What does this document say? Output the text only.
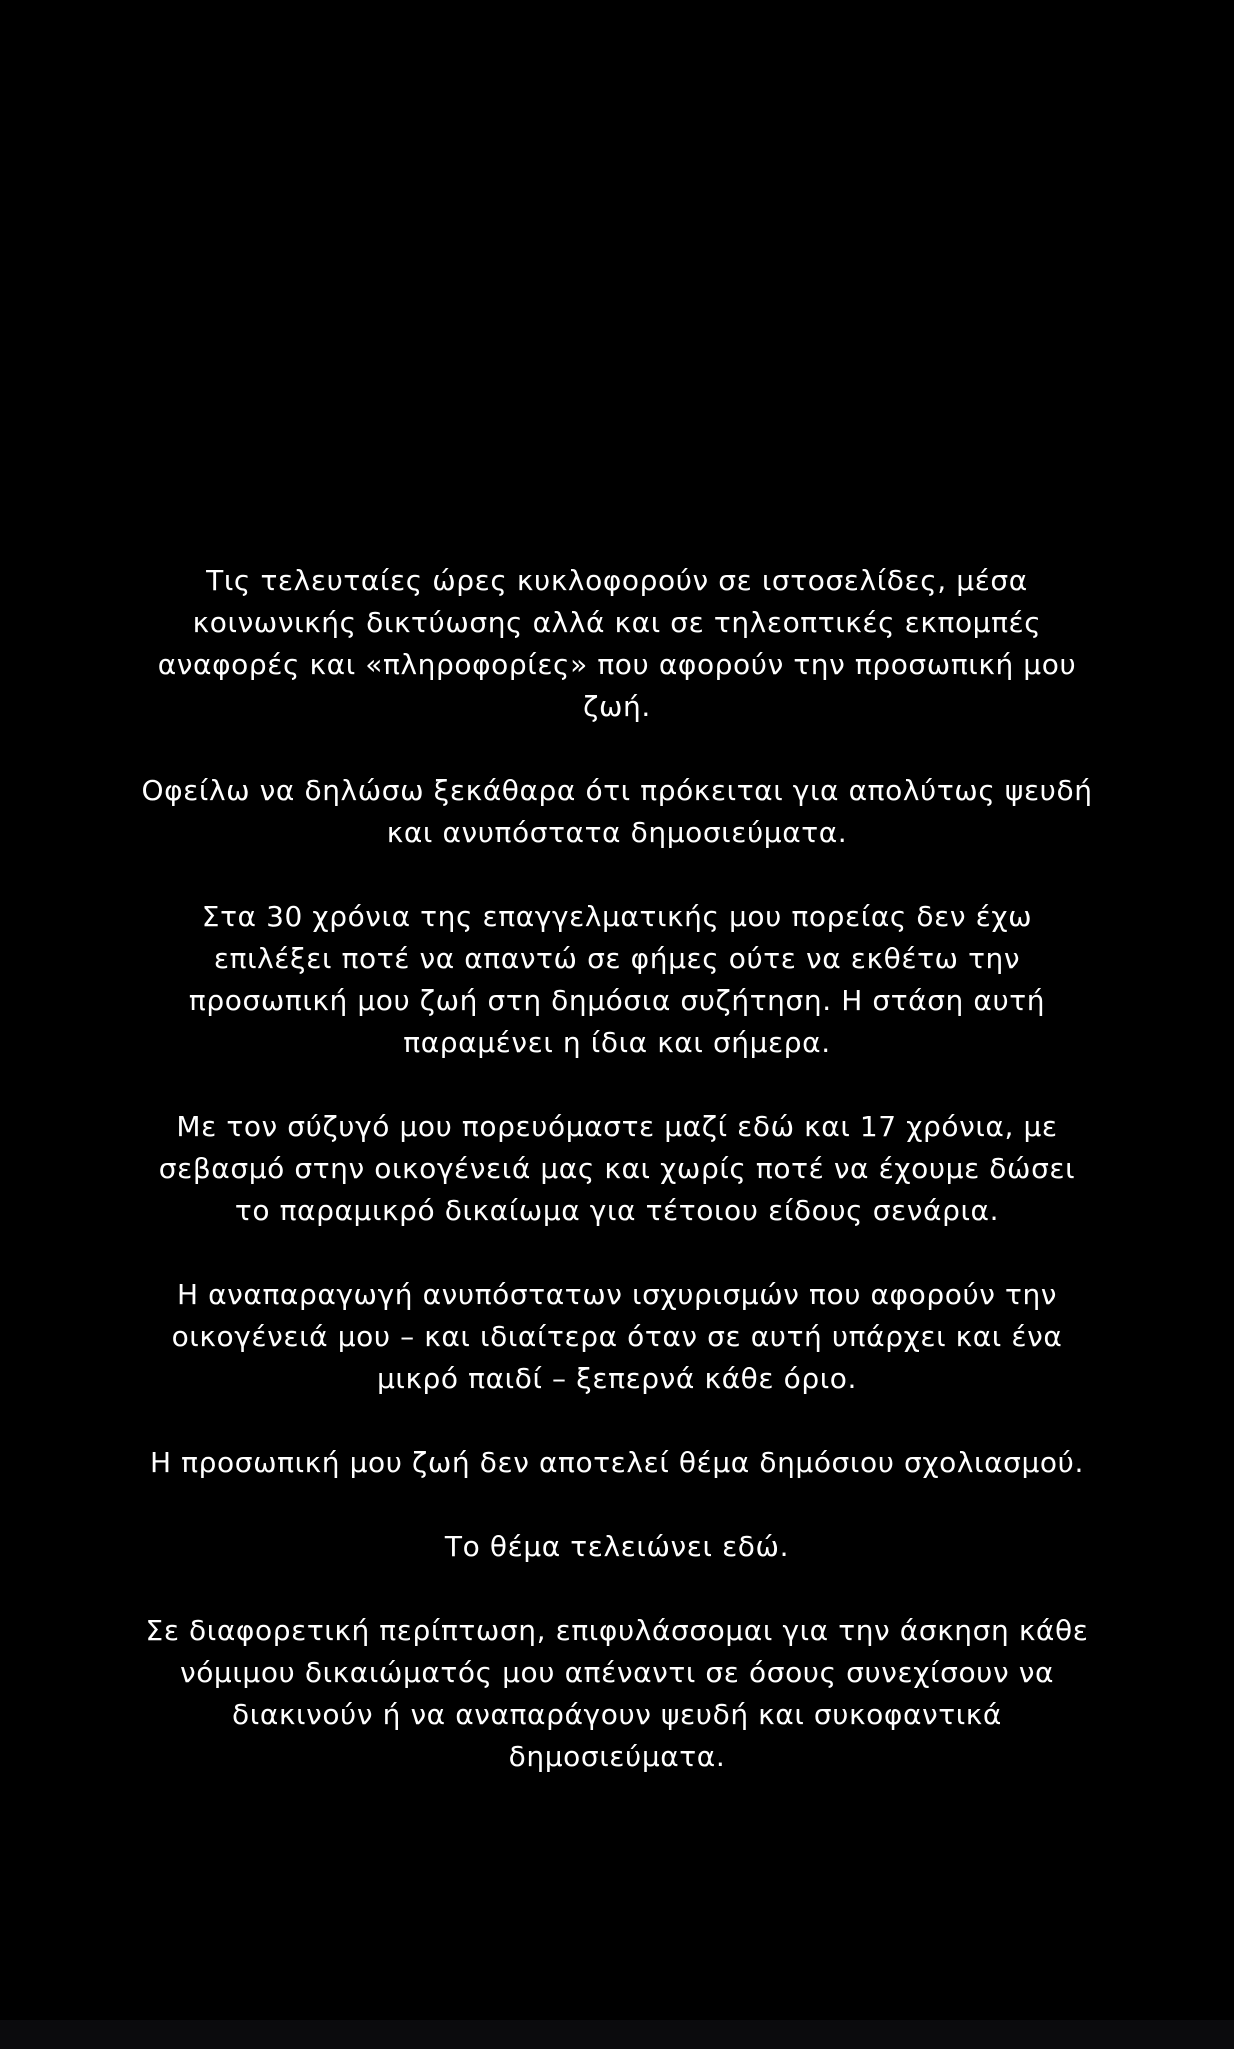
Τις τελευταίες ώρες κυκλοφορούν σε ιστοσελίδες, μέσα
κοινωνικής δικτύωσης αλλά και σε τηλεοπτικές εκπομπές
αναφορές και «πληροφορίες» που αφορούν την προσωπική μου
ζωή.

Οφείλω να δηλώσω ξεκάθαρα ότι πρόκειται για απολύτως ψευδή
και ανυπόστατα δημοσιεύματα.

Στα 30 χρόνια της επαγγελματικής μου πορείας δεν έχω
επιλέξει ποτέ να απαντώ σε φήμες ούτε να εκθέτω την
προσωπική μου ζωή στη δημόσια συζήτηση. Η στάση αυτή
παραμένει η ίδια και σήμερα.

Με τον σύζυγό μου πορευόμαστε μαζί εδώ και 17 χρόνια, με
σεβασμό στην οικογένειά μας και χωρίς ποτέ να έχουμε δώσει
το παραμικρό δικαίωμα για τέτοιου είδους σενάρια.

Η αναπαραγωγή ανυπόστατων ισχυρισμών που αφορούν την
οικογένειά μου – και ιδιαίτερα όταν σε αυτή υπάρχει και ένα
μικρό παιδί – ξεπερνά κάθε όριο.

Η προσωπική μου ζωή δεν αποτελεί θέμα δημόσιου σχολιασμού.

Το θέμα τελειώνει εδώ.

Σε διαφορετική περίπτωση, επιφυλάσσομαι για την άσκηση κάθε
νόμιμου δικαιώματός μου απέναντι σε όσους συνεχίσουν να
διακινούν ή να αναπαράγουν ψευδή και συκοφαντικά
δημοσιεύματα.
